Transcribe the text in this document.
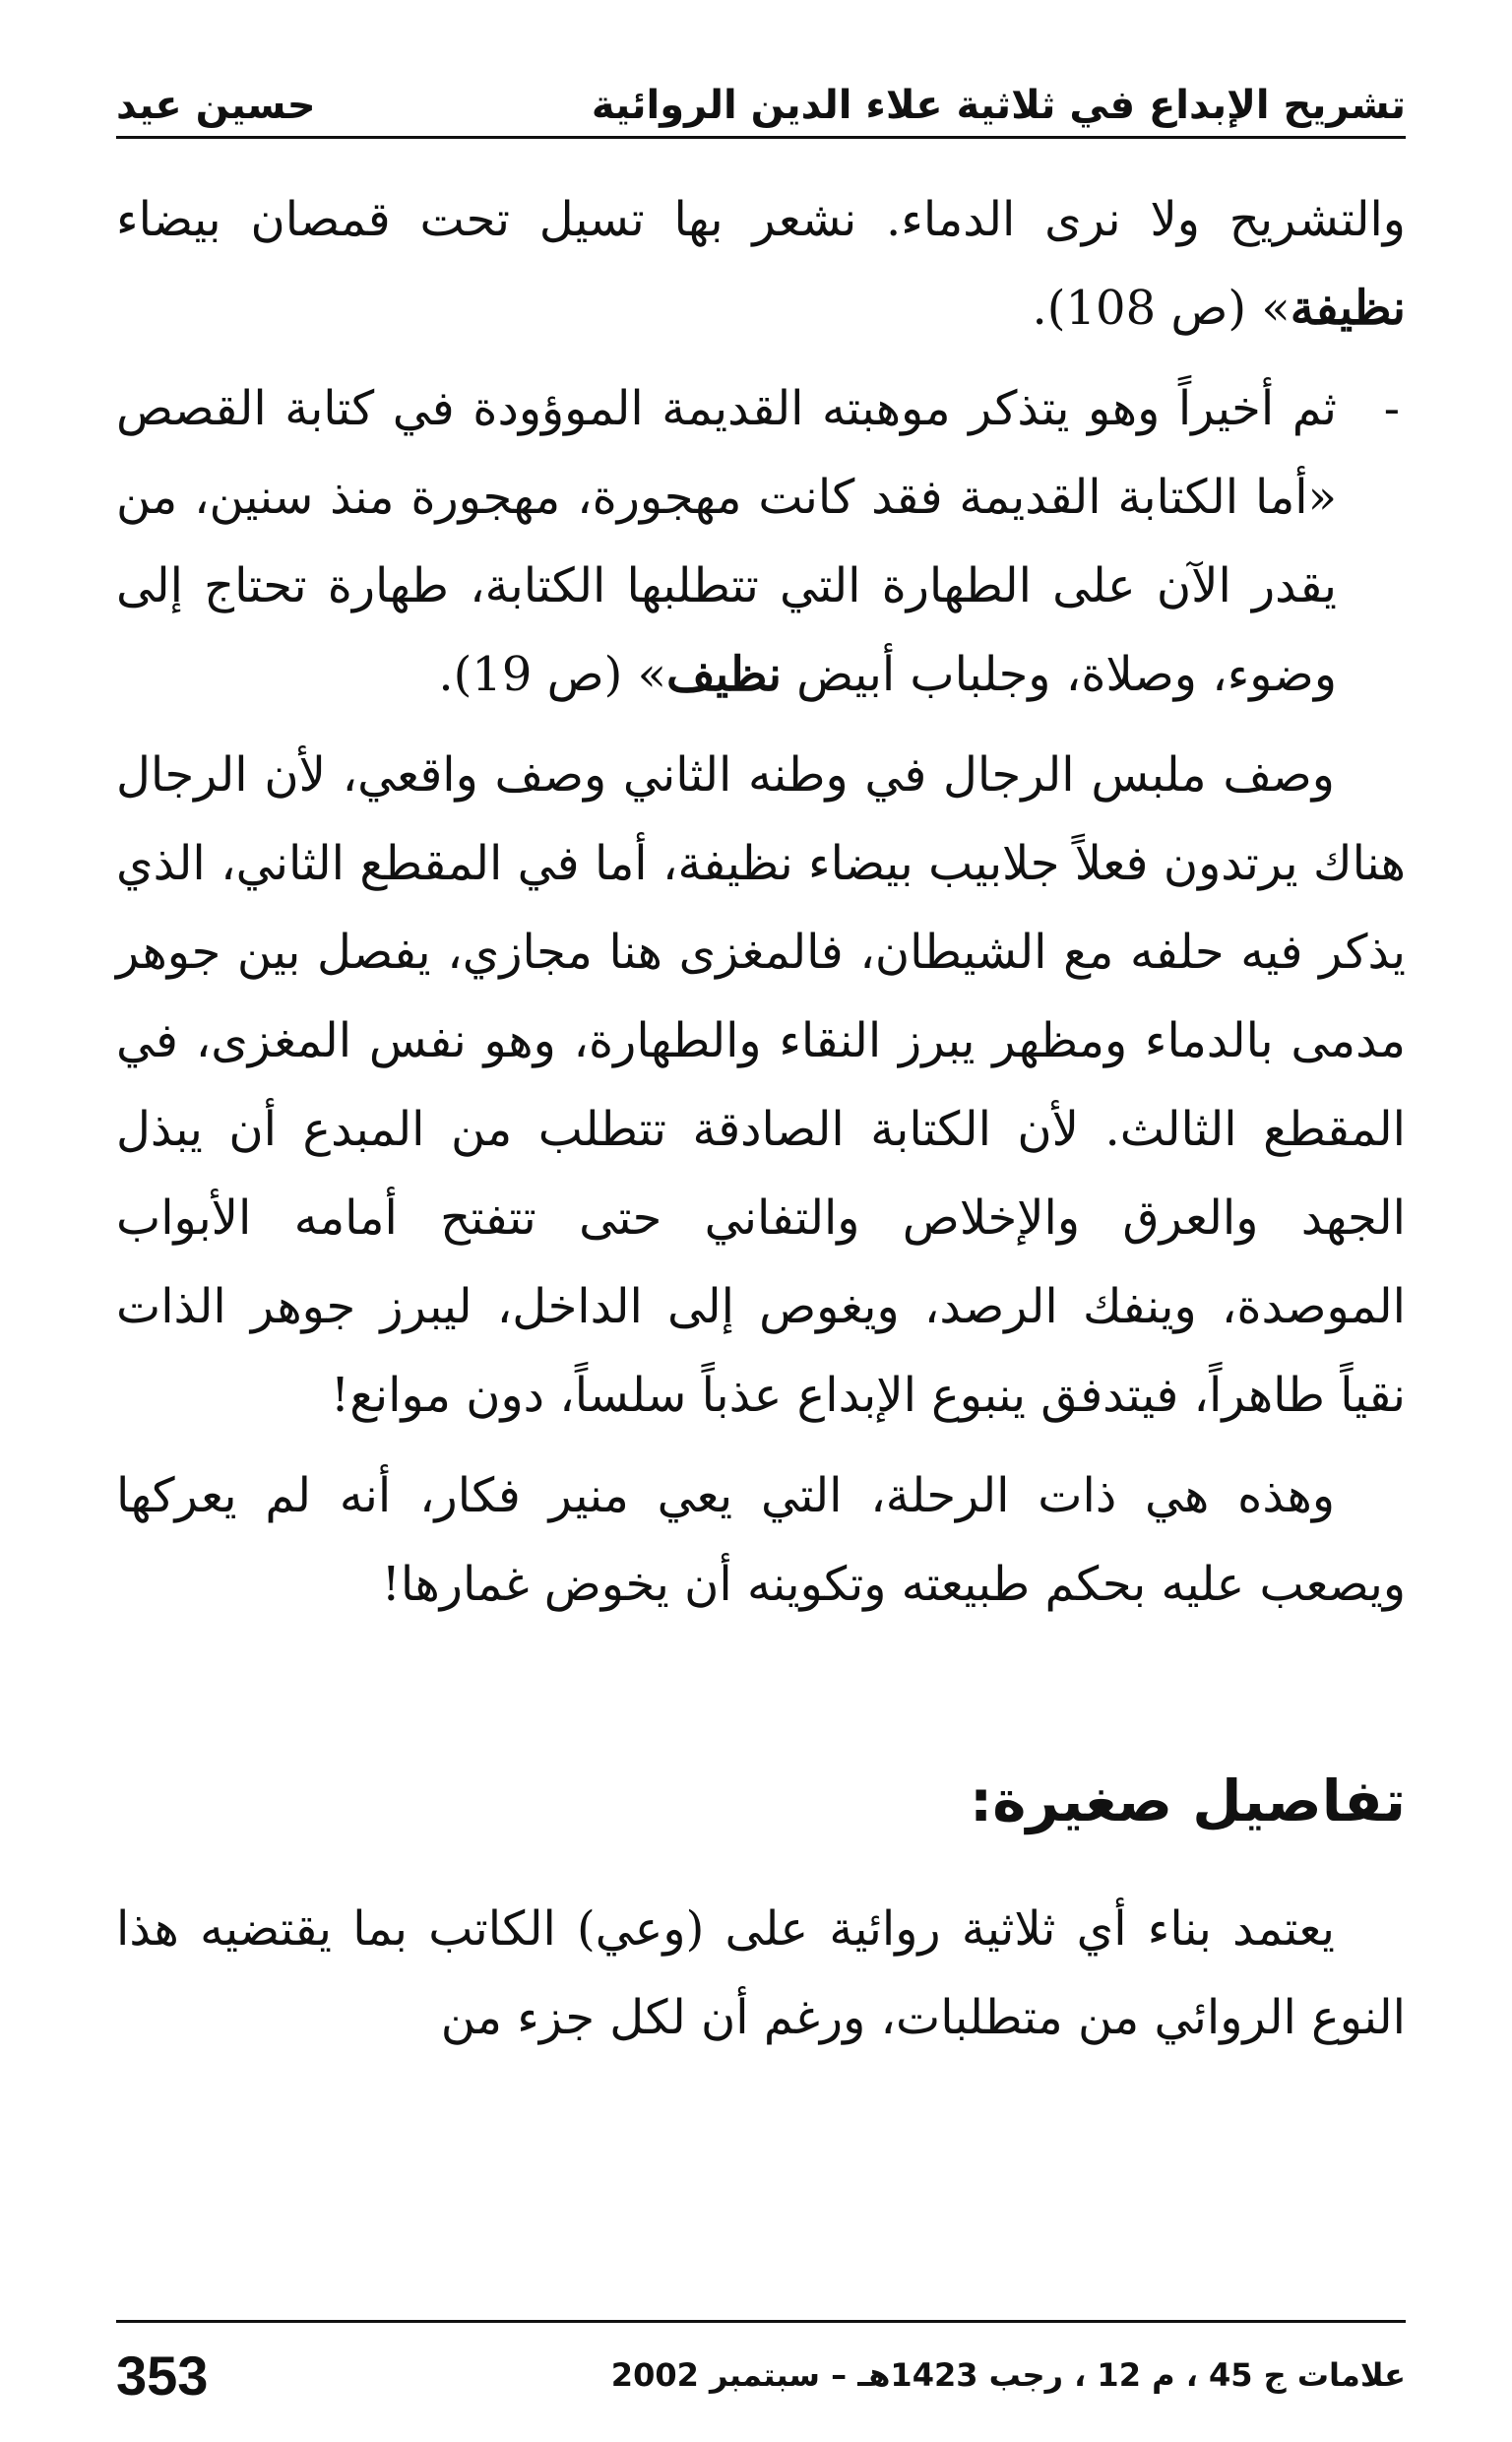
تشريح الإبداع في ثلاثية علاء الدين الروائية
حسين عيد
والتشريح ولا نرى الدماء. نشعر بها تسيل تحت قمصان بيضاء نظيفة» (ص 108).
-
ثم أخيراً وهو يتذكر موهبته القديمة الموؤودة في كتابة القصص «أما الكتابة القديمة فقد كانت مهجورة، مهجورة منذ سنين، من يقدر الآن على الطهارة التي تتطلبها الكتابة، طهارة تحتاج إلى وضوء، وصلاة، وجلباب أبيض نظيف» (ص 19).

وصف ملبس الرجال في وطنه الثاني وصف واقعي، لأن الرجال هناك يرتدون فعلاً جلابيب بيضاء نظيفة، أما في المقطع الثاني، الذي يذكر فيه حلفه مع الشيطان، فالمغزى هنا مجازي، يفصل بين جوهر مدمى بالدماء ومظهر يبرز النقاء والطهارة، وهو نفس المغزى، في المقطع الثالث. لأن الكتابة الصادقة تتطلب من المبدع أن يبذل الجهد والعرق والإخلاص والتفاني حتى تتفتح أمامه الأبواب الموصدة، وينفك الرصد، ويغوص إلى الداخل، ليبرز جوهر الذات نقياً طاهراً، فيتدفق ينبوع الإبداع عذباً سلساً، دون موانع!

وهذه هي ذات الرحلة، التي يعي منير فكار، أنه لم يعركها ويصعب عليه بحكم طبيعته وتكوينه أن يخوض غمارها!

تفاصيل صغيرة:

يعتمد بناء أي ثلاثية روائية على (وعي) الكاتب بما يقتضيه هذا النوع الروائي من متطلبات، ورغم أن لكل جزء من

علامات ج 45 ، م 12 ، رجب 1423هـ – سبتمبر 2002
353
